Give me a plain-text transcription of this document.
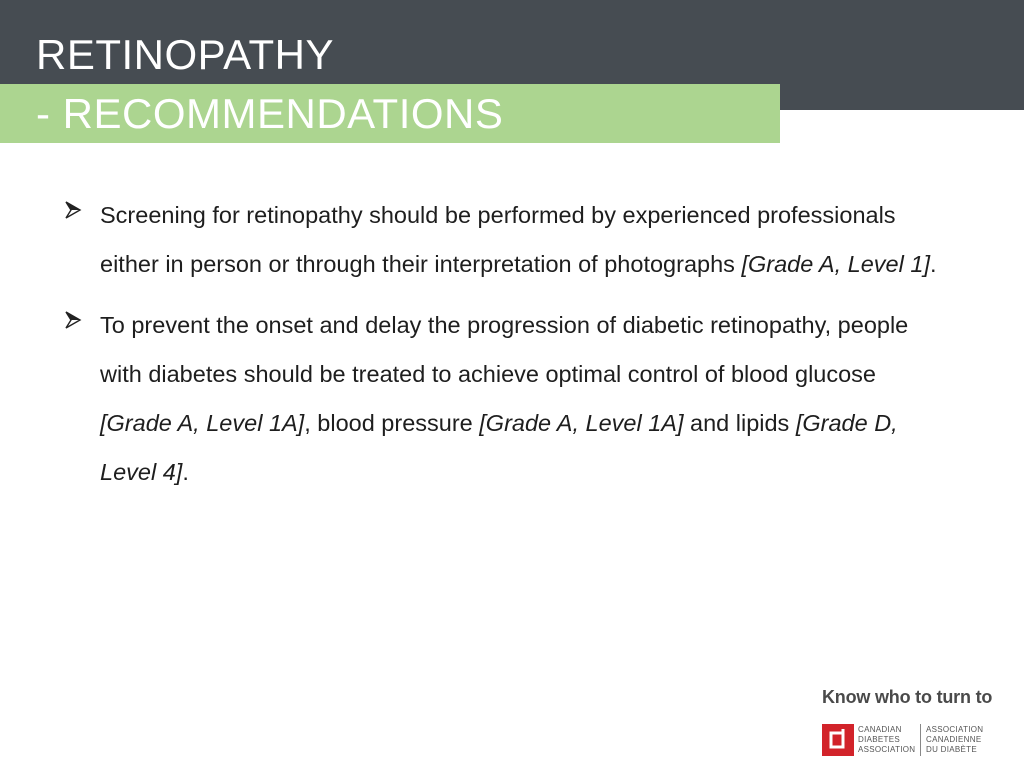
RETINOPATHY
- RECOMMENDATIONS
Screening for retinopathy should be performed by experienced professionals either in person or through their interpretation of photographs [Grade A, Level 1].
To prevent the onset and delay the progression of diabetic retinopathy, people with diabetes should be treated to achieve optimal control of blood glucose [Grade A, Level 1A], blood pressure [Grade A, Level 1A] and lipids [Grade D, Level 4].
Know who to turn to
CANADIAN
DIABETES
ASSOCIATION
ASSOCIATION
CANADIENNE
DU DIABÈTE
